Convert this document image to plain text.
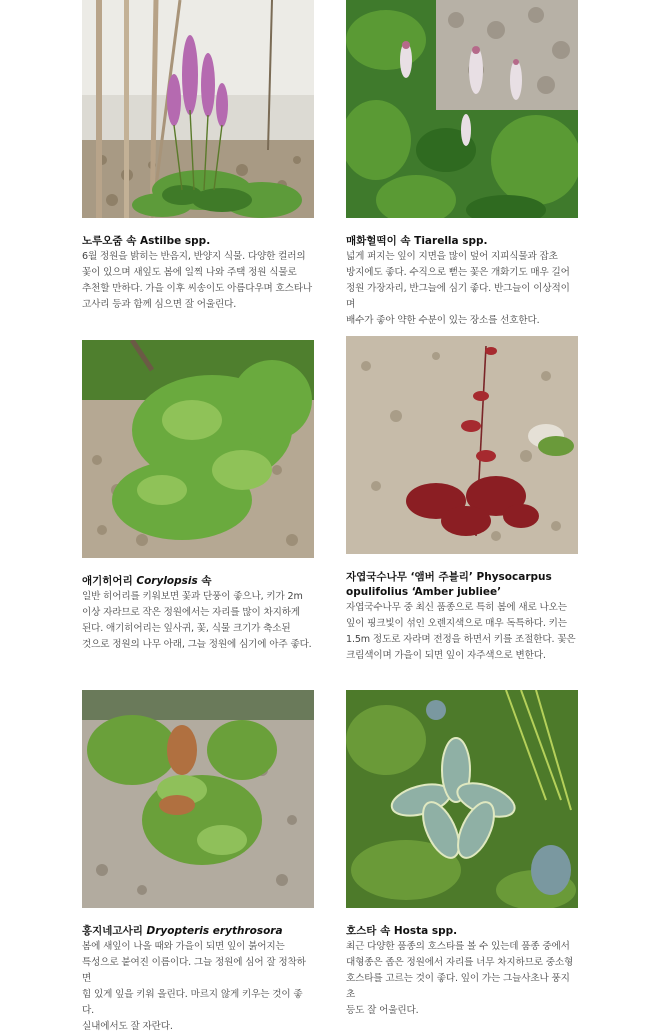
노루오줌 속 Astilbe spp.
6월 정원을 밝히는 반음지, 반양지 식물. 다양한 컬러의
꽃이 있으며 새잎도 봄에 일찍 나와 주택 정원 식물로
추천할 만하다. 가을 이후 씨송이도 아름다우며 호스타나
고사리 등과 함께 심으면 잘 어울린다.
매화헐떡이 속 Tiarella spp.
넓게 퍼지는 잎이 지면을 많이 덮어 지피식물과 잡초
방지에도 좋다. 수직으로 뻗는 꽃은 개화기도 매우 길어
정원 가장자리, 반그늘에 심기 좋다. 반그늘이 이상적이며
배수가 좋아 약한 수분이 있는 장소를 선호한다.
애기히어리 Corylopsis 속
일반 히어리를 키워보면 꽃과 단풍이 좋으나, 키가 2m
이상 자라므로 작은 정원에서는 자리를 많이 차지하게
된다. 애기히어리는 잎사귀, 꽃, 식물 크기가 축소된
것으로 정원의 나무 아래, 그늘 정원에 심기에 아주 좋다.
자엽국수나무 ‘앰버 주블리’ Physocarpus
opulifolius ‘Amber jubliee’
자엽국수나무 중 최신 품종으로 특히 봄에 새로 나오는
잎이 핑크빛이 섞인 오렌지색으로 매우 독특하다. 키는
1.5m 정도로 자라며 전정을 하면서 키를 조절한다. 꽃은
크림색이며 가을이 되면 잎이 자주색으로 변한다.
홍지네고사리 Dryopteris erythrosora
봄에 새잎이 나올 때와 가을이 되면 잎이 붉어지는
특성으로 붙여진 이름이다. 그늘 정원에 심어 잘 정착하면
힘 있게 잎을 키워 올린다. 마르지 않게 키우는 것이 좋다.
실내에서도 잘 자란다.
호스타 속 Hosta spp.
최근 다양한 품종의 호스타를 볼 수 있는데 품종 중에서
대형종은 좁은 정원에서 자리를 너무 차지하므로 중소형
호스타를 고르는 것이 좋다. 잎이 가는 그늘사초나 풍지초
등도 잘 어울린다.
